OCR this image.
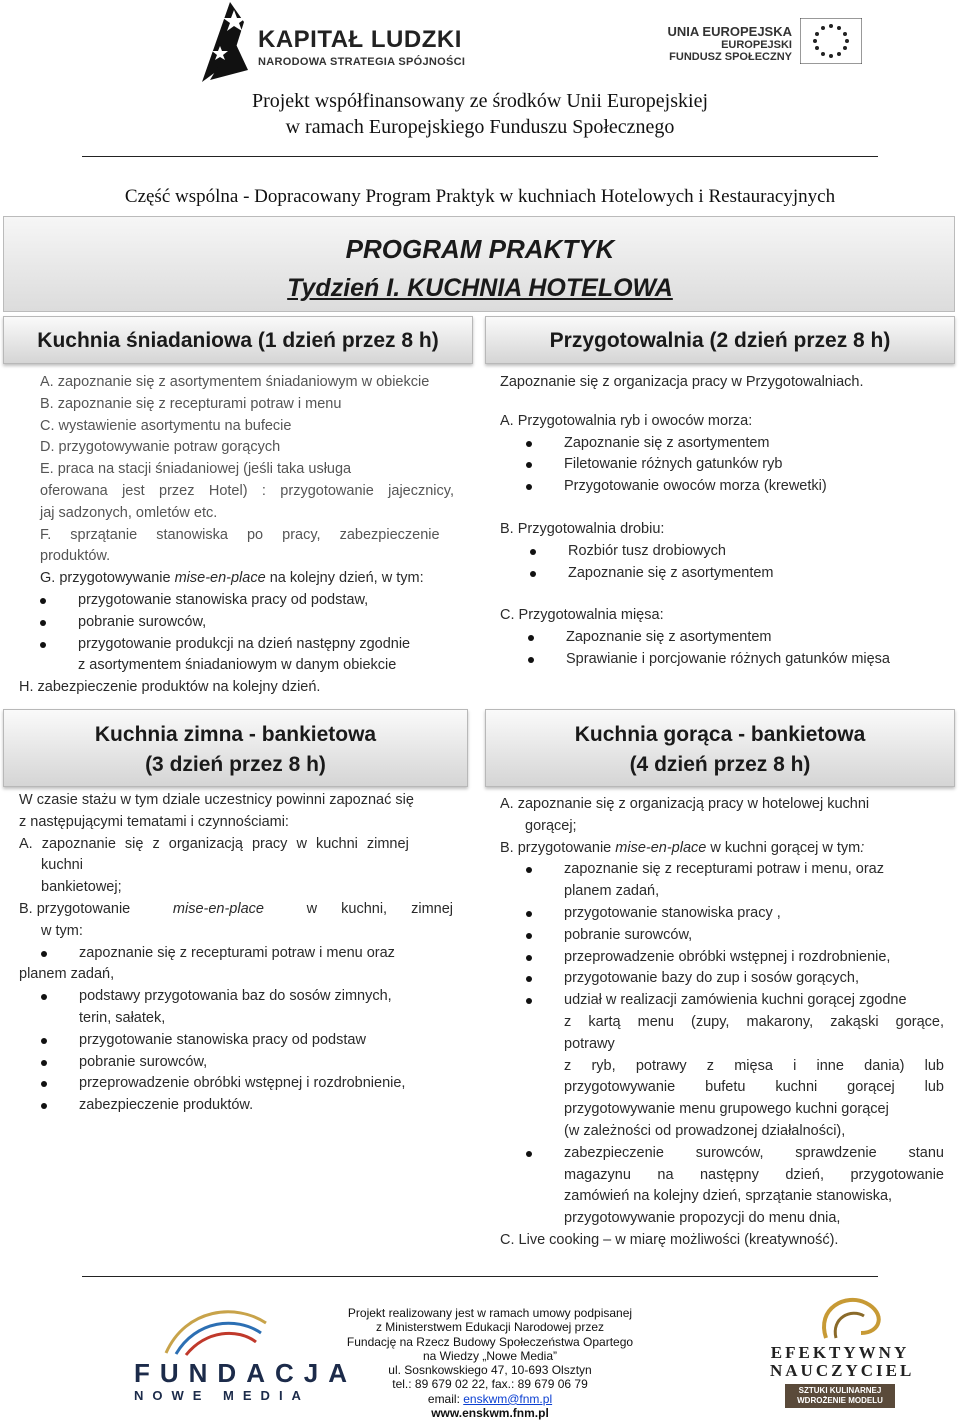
KAPITAŁ LUDZKI
NARODOWA STRATEGIA SPÓJNOŚCI
UNIA EUROPEJSKA
EUROPEJSKI
FUNDUSZ SPOŁECZNY
Projekt współfinansowany ze środków Unii Europejskiej
w ramach Europejskiego Funduszu Społecznego
Część wspólna - Dopracowany Program Praktyk w kuchniach Hotelowych i Restauracyjnych
PROGRAM PRAKTYK
Tydzień I. KUCHNIA HOTELOWA
Kuchnia śniadaniowa (1 dzień przez 8 h)

A. zapoznanie się z asortymentem śniadaniowym w obiekcie

B. zapoznanie się z recepturami potraw i menu

C. wystawienie asortymentu na bufecie

D. przygotowywanie potraw gorących

E. praca na stacji śniadaniowej (jeśli taka usługa

oferowana jest przez Hotel) : przygotowanie jajecznicy,

jaj sadzonych, omletów etc.

F. sprzątanie stanowiska po pracy, zabezpieczenie

produktów.

G. przygotowywanie mise-en-place na kolejny dzień, w tym:

przygotowanie stanowiska pracy od podstaw,

pobranie surowców,

przygotowanie produkcji na dzień następny zgodnie

z asortymentem śniadaniowym w danym obiekcie

H. zabezpieczenie produktów na kolejny dzień.
Przygotowalnia (2 dzień przez 8 h)

Zapoznanie się z organizacja pracy w Przygotowalniach.

A. Przygotowalnia ryb i owoców morza:

Zapoznanie się z asortymentem

Filetowanie różnych gatunków ryb

Przygotowanie owoców morza (krewetki)

B. Przygotowalnia drobiu:

Rozbiór tusz drobiowych

Zapoznanie się z asortymentem

C. Przygotowalnia mięsa:

Zapoznanie się z asortymentem

Sprawianie i porcjowanie różnych gatunków mięsa

Kuchnia zimna - bankietowa
(3 dzień przez 8 h)

W czasie stażu w tym dziale uczestnicy powinni zapoznać się

z następującymi tematami i czynnościami:

A. zapoznanie się z organizacją pracy w kuchni zimnej

kuchni

bankietowej;

B. przygotowanie	mise-en-place	w kuchni, zimnej

w tym:

zapoznanie się z recepturami potraw i menu oraz

planem zadań,

podstawy przygotowania baz do sosów zimnych,

terin, sałatek,

przygotowanie stanowiska pracy od podstaw

pobranie surowców,

przeprowadzenie obróbki wstępnej i rozdrobnienie,

zabezpieczenie produktów.

Kuchnia gorąca - bankietowa
(4 dzień przez 8 h)

A. zapoznanie się z organizacją pracy w hotelowej kuchni

gorącej;

B. przygotowanie mise-en-place w kuchni gorącej w tym:

zapoznanie się z recepturami potraw i menu, oraz

planem zadań,

przygotowanie stanowiska pracy ,

pobranie surowców,

przeprowadzenie obróbki wstępnej i rozdrobnienie,

przygotowanie bazy do zup i sosów gorących,

udział w realizacji zamówienia kuchni gorącej zgodne

z kartą menu (zupy, makarony, zakąski gorące,

potrawy

z ryb, potrawy z mięsa i inne dania) lub

przygotowywanie bufetu kuchni gorącej lub

przygotowywanie menu grupowego kuchni gorącej

(w zależności od prowadzonej działalności),

zabezpieczenie surowców, sprawdzenie stanu

magazynu na następny dzień, przygotowanie

zamówień na kolejny dzień, sprzątanie stanowiska,

przygotowywanie propozycji do menu dnia,

C. Live cooking – w miarę możliwości (kreatywność).

FUNDACJA
NOWE MEDIA
Projekt realizowany jest w ramach umowy podpisanej
z Ministerstwem Edukacji Narodowej przez
Fundację na Rzecz Budowy Społeczeństwa Opartego
na Wiedzy „Nowe Media”
ul. Sosnkowskiego 47, 10-693 Olsztyn
tel.: 89 679 02 22, fax.: 89 679 06 79
email: enskwm@fnm.pl
www.enskwm.fnm.pl
EFEKTYWNY NAUCZYCIEL
SZTUKI KULINARNEJ
WDROŻENIE MODELU
